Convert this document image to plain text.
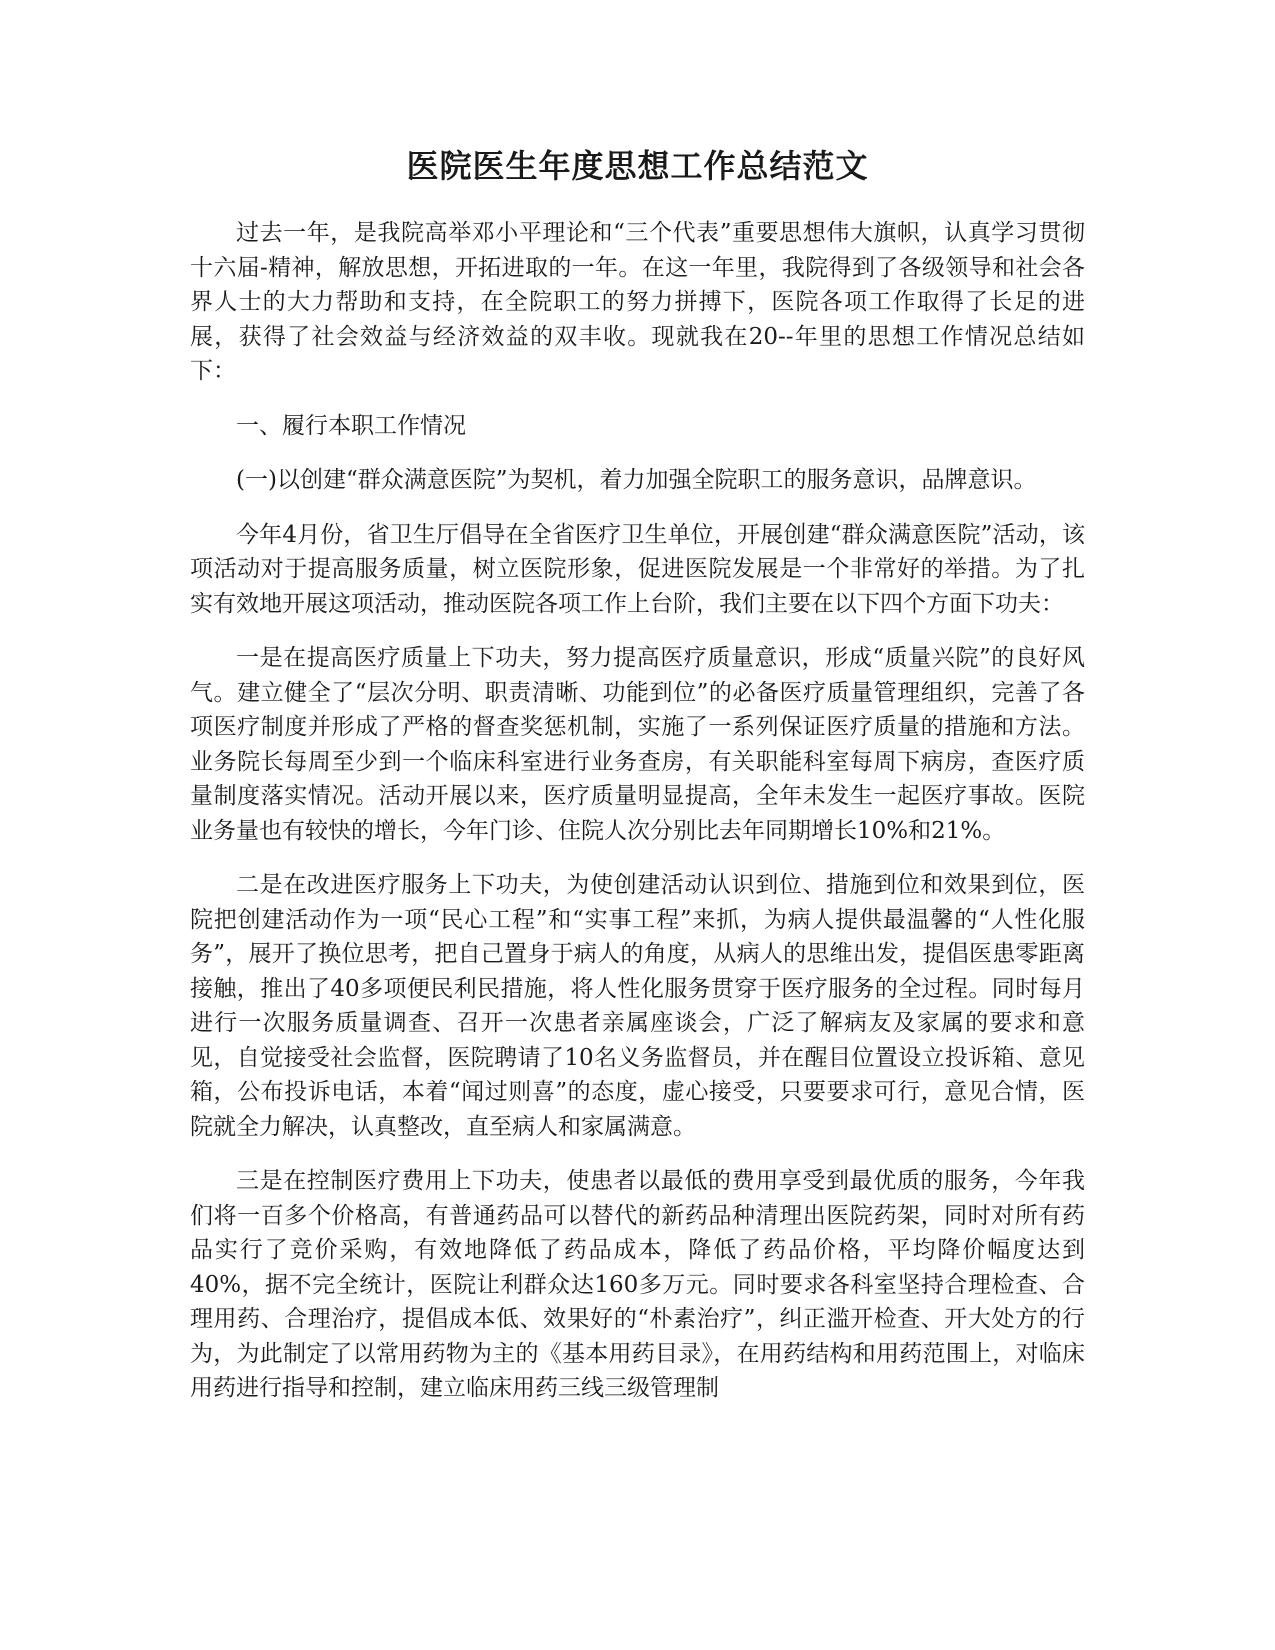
医院医生年度思想工作总结范文

过去一年，是我院高举邓小平理论和“三个代表”重要思想伟大旗帜，认真学习贯彻十六届-精神，解放思想，开拓进取的一年。在这一年里，我院得到了各级领导和社会各界人士的大力帮助和支持，在全院职工的努力拼搏下，医院各项工作取得了长足的进展，获得了社会效益与经济效益的双丰收。现就我在20--年里的思想工作情况总结如下：

一、履行本职工作情况

(一)以创建“群众满意医院”为契机，着力加强全院职工的服务意识，品牌意识。

今年4月份，省卫生厅倡导在全省医疗卫生单位，开展创建“群众满意医院”活动，该项活动对于提高服务质量，树立医院形象，促进医院发展是一个非常好的举措。为了扎实有效地开展这项活动，推动医院各项工作上台阶，我们主要在以下四个方面下功夫：

一是在提高医疗质量上下功夫，努力提高医疗质量意识，形成“质量兴院”的良好风气。建立健全了“层次分明、职责清晰、功能到位”的必备医疗质量管理组织，完善了各项医疗制度并形成了严格的督查奖惩机制，实施了一系列保证医疗质量的措施和方法。业务院长每周至少到一个临床科室进行业务查房，有关职能科室每周下病房，查医疗质量制度落实情况。活动开展以来，医疗质量明显提高，全年未发生一起医疗事故。医院业务量也有较快的增长，今年门诊、住院人次分别比去年同期增长10%和21%。

二是在改进医疗服务上下功夫，为使创建活动认识到位、措施到位和效果到位，医院把创建活动作为一项“民心工程”和“实事工程”来抓，为病人提供最温馨的“人性化服务”，展开了换位思考，把自己置身于病人的角度，从病人的思维出发，提倡医患零距离接触，推出了40多项便民利民措施，将人性化服务贯穿于医疗服务的全过程。同时每月进行一次服务质量调查、召开一次患者亲属座谈会，广泛了解病友及家属的要求和意见，自觉接受社会监督，医院聘请了10名义务监督员，并在醒目位置设立投诉箱、意见箱，公布投诉电话，本着“闻过则喜”的态度，虚心接受，只要要求可行，意见合情，医院就全力解决，认真整改，直至病人和家属满意。

三是在控制医疗费用上下功夫，使患者以最低的费用享受到最优质的服务，今年我们将一百多个价格高，有普通药品可以替代的新药品种清理出医院药架，同时对所有药品实行了竞价采购，有效地降低了药品成本，降低了药品价格，平均降价幅度达到40%，据不完全统计，医院让利群众达160多万元。同时要求各科室坚持合理检查、合理用药、合理治疗，提倡成本低、效果好的“朴素治疗”，纠正滥开检查、开大处方的行为，为此制定了以常用药物为主的《基本用药目录》，在用药结构和用药范围上，对临床用药进行指导和控制，建立临床用药三线三级管理制
